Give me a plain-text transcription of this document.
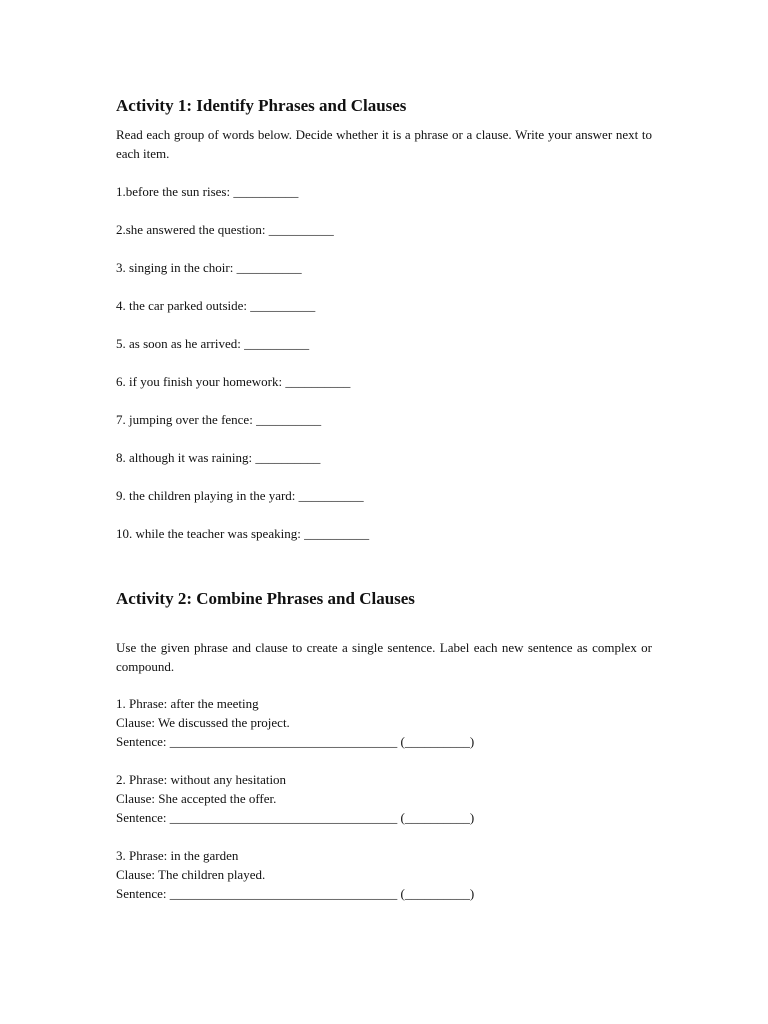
Activity 1: Identify Phrases and Clauses
Read each group of words below. Decide whether it is a phrase or a clause. Write your answer next to each item.
1.before the sun rises: __________
2.she answered the question: __________
3. singing in the choir: __________
4. the car parked outside: __________
5. as soon as he arrived: __________
6. if you finish your homework: __________
7. jumping over the fence: __________
8. although it was raining: __________
9. the children playing in the yard: __________
10. while the teacher was speaking: __________
Activity 2: Combine Phrases and Clauses
Use the given phrase and clause to create a single sentence. Label each new sentence as complex or compound.
1. Phrase: after the meeting
Clause: We discussed the project.
Sentence: ___________________________________ (__________)
2. Phrase: without any hesitation
Clause: She accepted the offer.
Sentence: ___________________________________ (__________)
3. Phrase: in the garden
Clause: The children played.
Sentence: ___________________________________ (__________)
